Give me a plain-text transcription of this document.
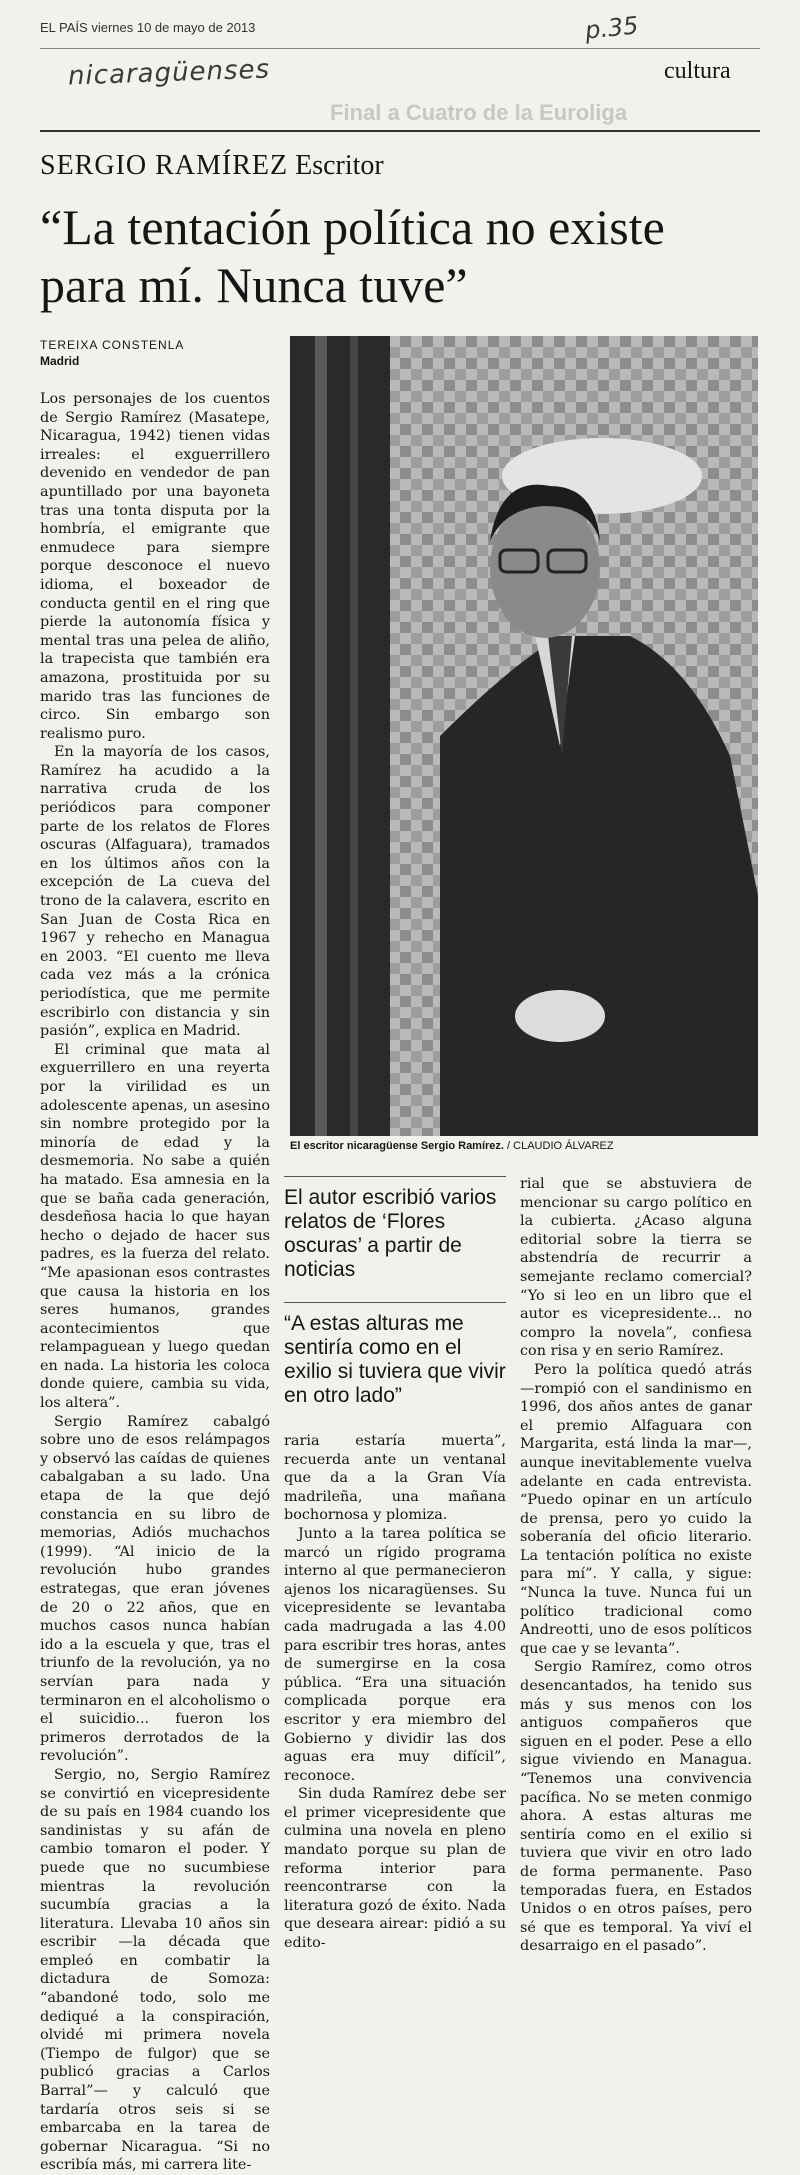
EL PAÍS viernes 10 de mayo de 2013	p.35
nicaragüenses	cultura
Final a Cuatro de la Euroliga
SERGIO RAMÍREZ Escritor
“La tentación política no existe para mí. Nunca tuve”
TEREIXA CONSTENLA
Madrid

Los personajes de los cuentos de Sergio Ramírez (Masatepe, Nicaragua, 1942) tienen vidas irreales: el exguerrillero devenido en vendedor de pan apuntillado por una bayoneta tras una tonta disputa por la hombría, el emigrante que enmudece para siempre porque desconoce el nuevo idioma, el boxeador de conducta gentil en el ring que pierde la autonomía física y mental tras una pelea de aliño, la trapecista que también era amazona, prostituida por su marido tras las funciones de circo. Sin embargo son realismo puro.

En la mayoría de los casos, Ramírez ha acudido a la narrativa cruda de los periódicos para componer parte de los relatos de Flores oscuras (Alfaguara), tramados en los últimos años con la excepción de La cueva del trono de la calavera, escrito en San Juan de Costa Rica en 1967 y rehecho en Managua en 2003. “El cuento me lleva cada vez más a la crónica periodística, que me permite escribirlo con distancia y sin pasión”, explica en Madrid.

El criminal que mata al exguerrillero en una reyerta por la virilidad es un adolescente apenas, un asesino sin nombre protegido por la minoría de edad y la desmemoria. No sabe a quién ha matado. Esa amnesia en la que se baña cada generación, desdeñosa hacia lo que hayan hecho o dejado de hacer sus padres, es la fuerza del relato. “Me apasionan esos contrastes que causa la historia en los seres humanos, grandes acontecimientos que relampaguean y luego quedan en nada. La historia les coloca donde quiere, cambia su vida, los altera”.

Sergio Ramírez cabalgó sobre uno de esos relámpagos y observó las caídas de quienes cabalgaban a su lado. Una etapa de la que dejó constancia en su libro de memorias, Adiós muchachos (1999). “Al inicio de la revolución hubo grandes estrategas, que eran jóvenes de 20 o 22 años, que en muchos casos nunca habían ido a la escuela y que, tras el triunfo de la revolución, ya no servían para nada y terminaron en el alcoholismo o el suicidio... fueron los primeros derrotados de la revolución”.

Sergio, no, Sergio Ramírez se convirtió en vicepresidente de su país en 1984 cuando los sandinistas y su afán de cambio tomaron el poder. Y puede que no sucumbiese mientras la revolución sucumbía gracias a la literatura. Llevaba 10 años sin escribir —la década que empleó en combatir la dictadura de Somoza: “abandoné todo, solo me dediqué a la conspiración, olvidé mi primera novela (Tiempo de fulgor) que se publicó gracias a Carlos Barral”— y calculó que tardaría otros seis si se embarcaba en la tarea de gobernar Nicaragua. “Si no escribía más, mi carrera lite-

El escritor nicaragüense Sergio Ramírez. / CLAUDIO ÁLVAREZ
El autor escribió varios relatos de ‘Flores oscuras’ a partir de noticias
“A estas alturas me sentiría como en el exilio si tuviera que vivir en otro lado”

raria estaría muerta”, recuerda ante un ventanal que da a la Gran Vía madrileña, una mañana bochornosa y plomiza.

Junto a la tarea política se marcó un rígido programa interno al que permanecieron ajenos los nicaragüenses. Su vicepresidente se levantaba cada madrugada a las 4.00 para escribir tres horas, antes de sumergirse en la cosa pública. “Era una situación complicada porque era escritor y era miembro del Gobierno y dividir las dos aguas era muy difícil”, reconoce.

Sin duda Ramírez debe ser el primer vicepresidente que culmina una novela en pleno mandato porque su plan de reforma interior para reencontrarse con la literatura gozó de éxito. Nada que deseara airear: pidió a su edito-

rial que se abstuviera de mencionar su cargo político en la cubierta. ¿Acaso alguna editorial sobre la tierra se abstendría de recurrir a semejante reclamo comercial? “Yo si leo en un libro que el autor es vicepresidente... no compro la novela”, confiesa con risa y en serio Ramírez.

Pero la política quedó atrás —rompió con el sandinismo en 1996, dos años antes de ganar el premio Alfaguara con Margarita, está linda la mar—, aunque inevitablemente vuelva adelante en cada entrevista. “Puedo opinar en un artículo de prensa, pero yo cuido la soberanía del oficio literario. La tentación política no existe para mí”. Y calla, y sigue: “Nunca la tuve. Nunca fui un político tradicional como Andreotti, uno de esos políticos que cae y se levanta”.

Sergio Ramírez, como otros desencantados, ha tenido sus más y sus menos con los antiguos compañeros que siguen en el poder. Pese a ello sigue viviendo en Managua. “Tenemos una convivencia pacífica. No se meten conmigo ahora. A estas alturas me sentiría como en el exilio si tuviera que vivir en otro lado de forma permanente. Paso temporadas fuera, en Estados Unidos o en otros países, pero sé que es temporal. Ya viví el desarraigo en el pasado”.
